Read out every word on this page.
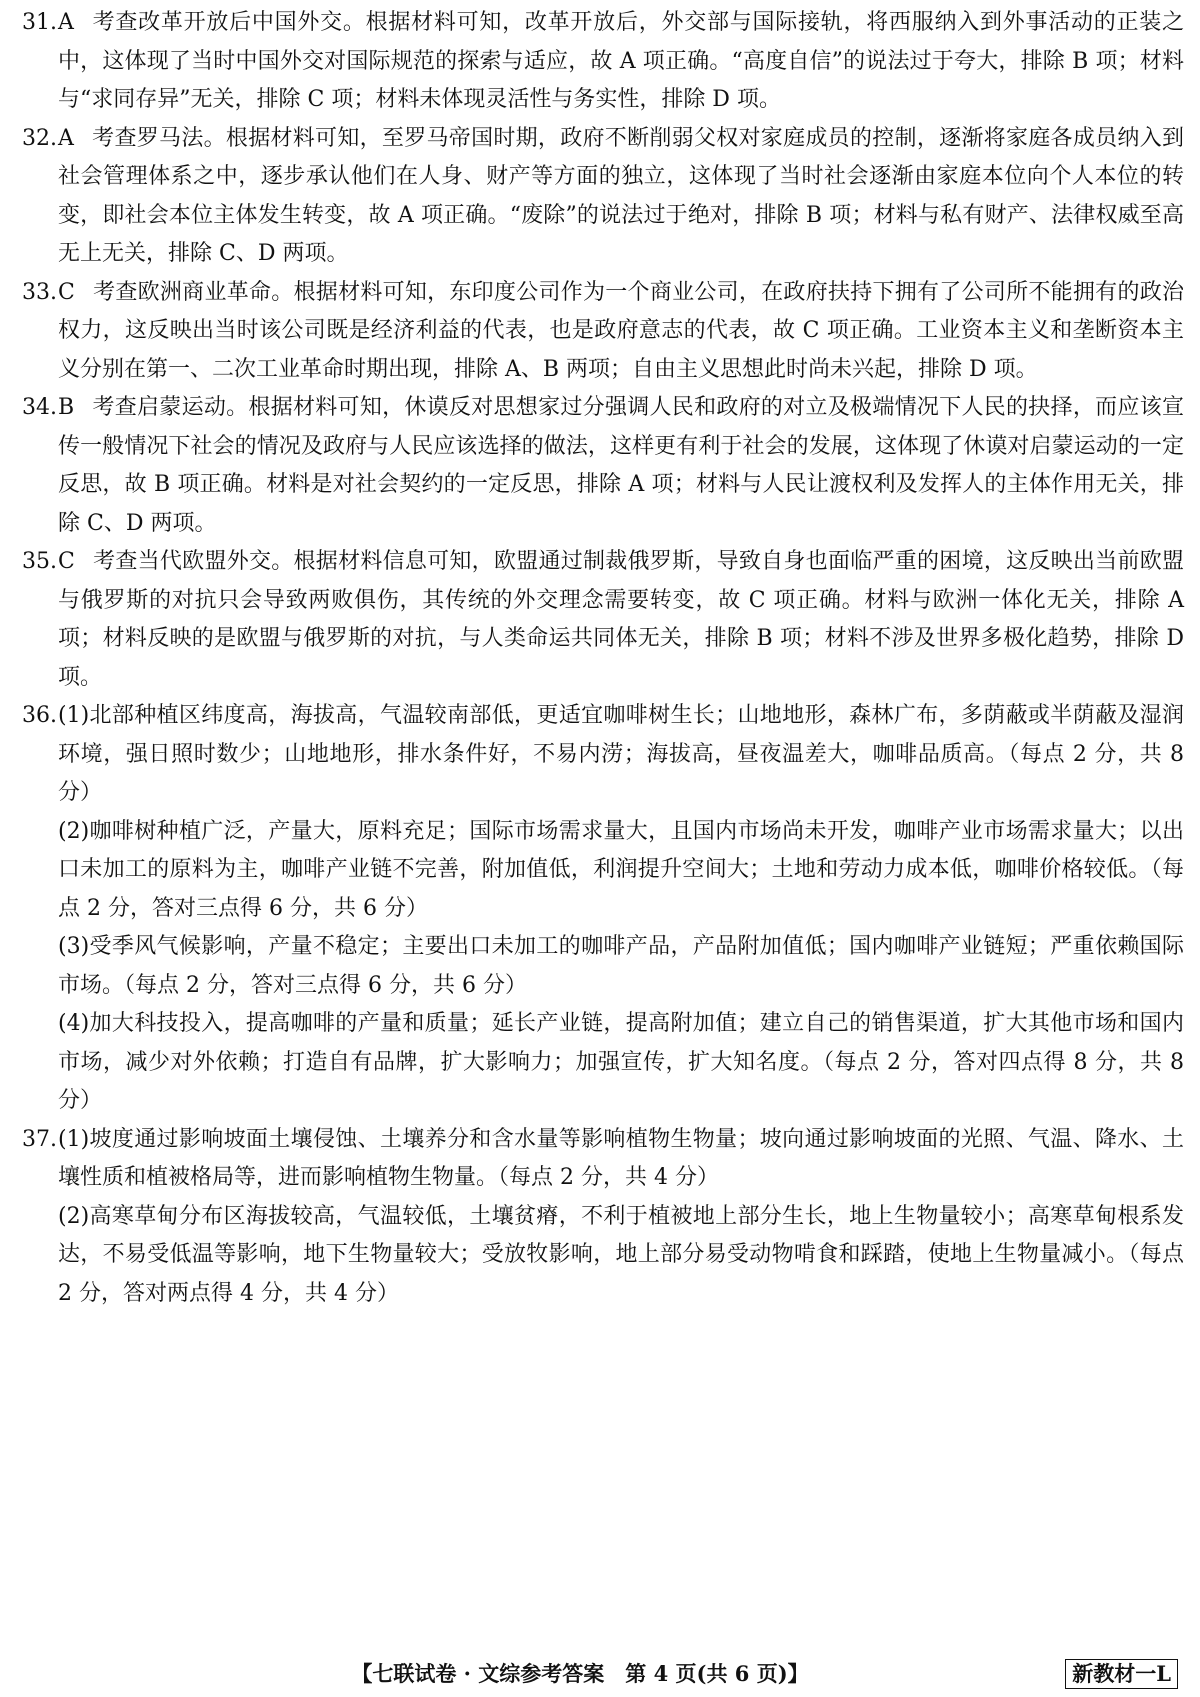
31. A 考查改革开放后中国外交。根据材料可知，改革开放后，外交部与国际接轨，将西服纳入到外事活动的正装之中，这体现了当时中国外交对国际规范的探索与适应，故 A 项正确。“高度自信”的说法过于夸大，排除 B 项；材料与“求同存异”无关，排除 C 项；材料未体现灵活性与务实性，排除 D 项。
32. A 考查罗马法。根据材料可知，至罗马帝国时期，政府不断削弱父权对家庭成员的控制，逐渐将家庭各成员纳入到社会管理体系之中，逐步承认他们在人身、财产等方面的独立，这体现了当时社会逐渐由家庭本位向个人本位的转变，即社会本位主体发生转变，故 A 项正确。“废除”的说法过于绝对，排除 B 项；材料与私有财产、法律权威至高无上无关，排除 C、D 两项。
33. C 考查欧洲商业革命。根据材料可知，东印度公司作为一个商业公司，在政府扶持下拥有了公司所不能拥有的政治权力，这反映出当时该公司既是经济利益的代表，也是政府意志的代表，故 C 项正确。工业资本主义和垄断资本主义分别在第一、二次工业革命时期出现，排除 A、B 两项；自由主义思想此时尚未兴起，排除 D 项。
34. B 考查启蒙运动。根据材料可知，休谟反对思想家过分强调人民和政府的对立及极端情况下人民的抉择，而应该宣传一般情况下社会的情况及政府与人民应该选择的做法，这样更有利于社会的发展，这体现了休谟对启蒙运动的一定反思，故 B 项正确。材料是对社会契约的一定反思，排除 A 项；材料与人民让渡权利及发挥人的主体作用无关，排除 C、D 两项。
35. C 考查当代欧盟外交。根据材料信息可知，欧盟通过制裁俄罗斯，导致自身也面临严重的困境，这反映出当前欧盟与俄罗斯的对抗只会导致两败俱伤，其传统的外交理念需要转变，故 C 项正确。材料与欧洲一体化无关，排除 A 项；材料反映的是欧盟与俄罗斯的对抗，与人类命运共同体无关，排除 B 项；材料不涉及世界多极化趋势，排除 D 项。
36. (1)北部种植区纬度高，海拔高，气温较南部低，更适宜咖啡树生长；山地地形，森林广布，多荫蔽或半荫蔽及湿润环境，强日照时数少；山地地形，排水条件好，不易内涝；海拔高，昼夜温差大，咖啡品质高。（每点 2 分，共 8 分）

(2)咖啡树种植广泛，产量大，原料充足；国际市场需求量大，且国内市场尚未开发，咖啡产业市场需求量大；以出口未加工的原料为主，咖啡产业链不完善，附加值低，利润提升空间大；土地和劳动力成本低，咖啡价格较低。（每点 2 分，答对三点得 6 分，共 6 分）

(3)受季风气候影响，产量不稳定；主要出口未加工的咖啡产品，产品附加值低；国内咖啡产业链短；严重依赖国际市场。（每点 2 分，答对三点得 6 分，共 6 分）

(4)加大科技投入，提高咖啡的产量和质量；延长产业链，提高附加值；建立自己的销售渠道，扩大其他市场和国内市场，减少对外依赖；打造自有品牌，扩大影响力；加强宣传，扩大知名度。（每点 2 分，答对四点得 8 分，共 8 分）

37. (1)坡度通过影响坡面土壤侵蚀、土壤养分和含水量等影响植物生物量；坡向通过影响坡面的光照、气温、降水、土壤性质和植被格局等，进而影响植物生物量。（每点 2 分，共 4 分）

(2)高寒草甸分布区海拔较高，气温较低，土壤贫瘠，不利于植被地上部分生长，地上生物量较小；高寒草甸根系发达，不易受低温等影响，地下生物量较大；受放牧影响，地上部分易受动物啃食和踩踏，使地上生物量减小。（每点 2 分，答对两点得 4 分，共 4 分）

【七联试卷 · 文综参考答案　第 4 页(共 6 页)】	新教材一L
